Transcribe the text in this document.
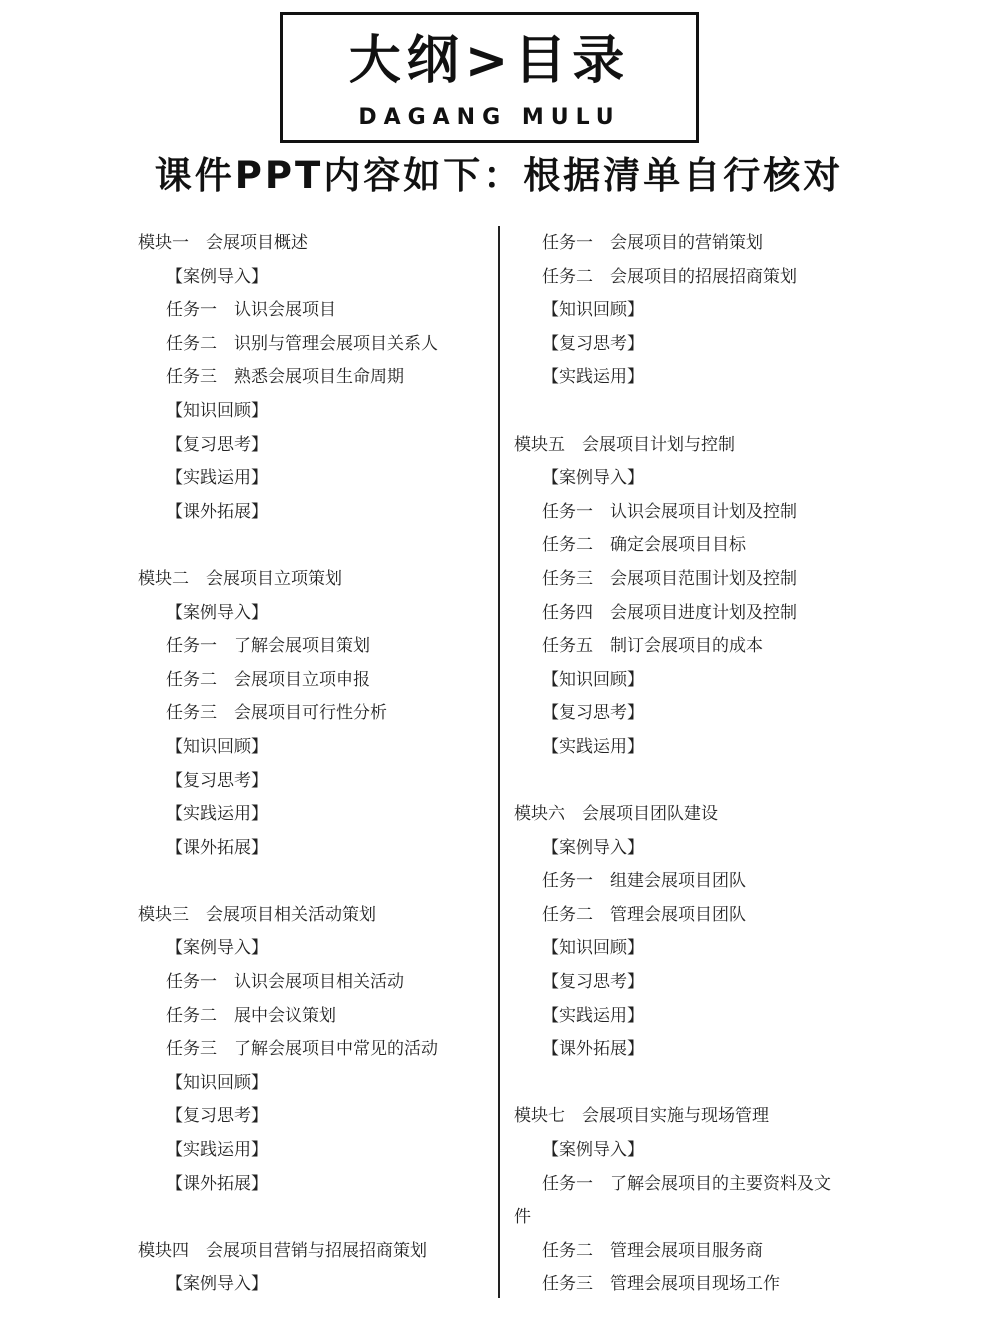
大纲>目录
DAGANG MULU
课件PPT内容如下：根据清单自行核对
模块一　会展项目概述
【案例导入】
任务一　认识会展项目
任务二　识别与管理会展项目关系人
任务三　熟悉会展项目生命周期
【知识回顾】
【复习思考】
【实践运用】
【课外拓展】
模块二　会展项目立项策划
【案例导入】
任务一　了解会展项目策划
任务二　会展项目立项申报
任务三　会展项目可行性分析
【知识回顾】
【复习思考】
【实践运用】
【课外拓展】
模块三　会展项目相关活动策划
【案例导入】
任务一　认识会展项目相关活动
任务二　展中会议策划
任务三　了解会展项目中常见的活动
【知识回顾】
【复习思考】
【实践运用】
【课外拓展】
模块四　会展项目营销与招展招商策划
【案例导入】
任务一　会展项目的营销策划
任务二　会展项目的招展招商策划
【知识回顾】
【复习思考】
【实践运用】
模块五　会展项目计划与控制
【案例导入】
任务一　认识会展项目计划及控制
任务二　确定会展项目目标
任务三　会展项目范围计划及控制
任务四　会展项目进度计划及控制
任务五　制订会展项目的成本
【知识回顾】
【复习思考】
【实践运用】
模块六　会展项目团队建设
【案例导入】
任务一　组建会展项目团队
任务二　管理会展项目团队
【知识回顾】
【复习思考】
【实践运用】
【课外拓展】
模块七　会展项目实施与现场管理
【案例导入】
任务一　了解会展项目的主要资料及文
件
任务二　管理会展项目服务商
任务三　管理会展项目现场工作
